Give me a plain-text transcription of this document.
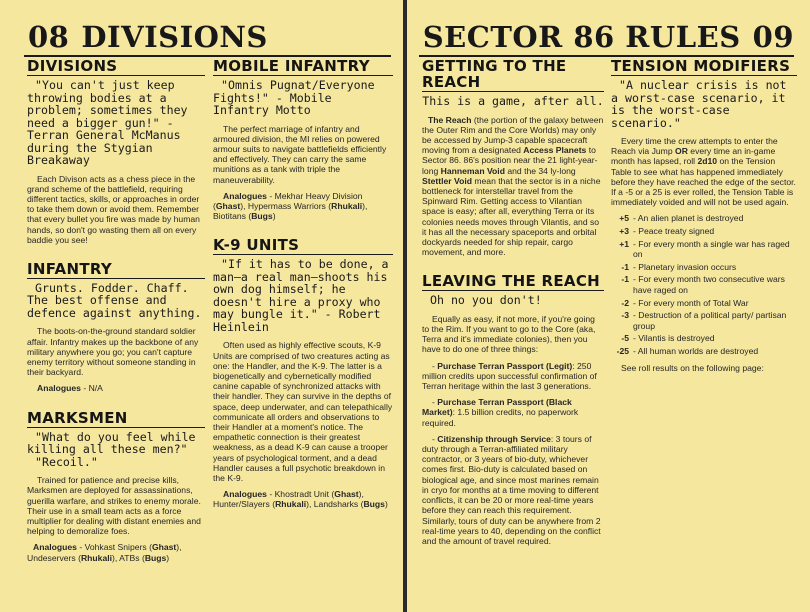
08 DIVISIONS
DIVISIONS
"You can't just keep throwing bodies at a problem; sometimes they need a bigger gun!" - Terran General McManus during the Stygian Breakaway

Each Divison acts as a chess piece in the grand scheme of the battlefield, requiring different tactics, skills, or approaches in order to take them down or avoid them. Remember that every bullet you fire was made by human hands, so don't go wasting them all on every baddie you see!

INFANTRY
Grunts. Fodder. Chaff. The best offense and defence against anything.

The boots-on-the-ground standard soldier affair. Infantry makes up the backbone of any military anywhere you go; you can't capture enemy territory without someone standing in their backyard.

Analogues - N/A

MARKSMEN
"What do you feel while killing all these men?"
"Recoil."

Trained for patience and precise kills, Marksmen are deployed for assassinations, guerilla warfare, and strikes to enemy morale. Their use in a small team acts as a force multiplier for dealing with distant enemies and helping to demoralize foes.

Analogues - Vohkast Snipers (Ghast), Undeservers (Rhukali), ATBs (Bugs)

MOBILE INFANTRY
"Omnis Pugnat/Everyone Fights!" - Mobile Infantry Motto

The perfect marriage of infantry and armoured division, the MI relies on powered armour suits to navigate battlefields efficiently and effectively. They can carry the same munitions as a tank with triple the maneuverability.

Analogues - Mekhar Heavy Division (Ghast), Hypermass Warriors (Rhukali), Biotitans (Bugs)

K-9 UNITS
"If it has to be done, a man—a real man—shoots his own dog himself; he doesn't hire a proxy who may bungle it." - Robert Heinlein

Often used as highly effective scouts, K-9 Units are comprised of two creatures acting as one: the Handler, and the K-9. The latter is a biogenetically and cybernetically modified canine capable of synchronized attacks with their handler. They can survive in the depths of space, deep underwater, and can telepathically communicate all orders and observations to their Handler at a moment's notice. The empathetic connection is their greatest weakness, as a dead K-9 can cause a trooper years of psychological torment, and a dead Handler causes a full psychotic breakdown in the K-9.

Analogues - Khostradt Unit (Ghast), Hunter/Slayers (Rhukali), Landsharks (Bugs)

SECTOR 86 RULES 09
GETTING TO THE REACH
This is a game, after all.

The Reach (the portion of the galaxy between the Outer Rim and the Core Worlds) may only be accessed by Jump-3 capable spacecraft moving from a designated Access Planets to Sector 86. 86's position near the 21 light-year-long Hanneman Void and the 34 ly-long Stettler Void mean that the sector is in a niche bottleneck for interstellar travel from the Spinward Rim. Getting access to Vilantian space is easy; after all, everything Terra or its colonies needs moves through Vilantis, and so it has all the necessary spaceports and orbital dockyards needed for ship repair, cargo movement, and more.

LEAVING THE REACH
Oh no you don't!

Equally as easy, if not more, if you're going to the Rim. If you want to go to the Core (aka, Terra and it's immediate colonies), then you have to do one of three things:

- Purchase Terran Passport (Legit): 250 million credits upon successful confirmation of Terran heritage within the last 3 generations.

- Purchase Terran Passport (Black Market): 1.5 billion credits, no paperwork required.

- Citizenship through Service: 3 tours of duty through a Terran-affiliated military contractor, or 3 years of bio-duty, whichever comes first. Bio-duty is calculated based on biological age, and since most marines remain in cryo for months at a time moving to different conflicts, it can be 20 or more real-time years before they can reach this requirement. Similarly, tours of duty can be anywhere from 2 real-time years to 40, depending on the conflict and the amount of travel required.

TENSION MODIFIERS
"A nuclear crisis is not a worst-case scenario, it is the worst-case scenario."

Every time the crew attempts to enter the Reach via Jump OR every time an in-game month has lapsed, roll 2d10 on the Tension Table to see what has happened immediately before they have reached the edge of the sector. If a -5 or a 25 is ever rolled, the Tension Table is immediately voided and will not be used again.

+5 - An alien planet is destroyed
+3 - Peace treaty signed
+1 - For every month a single war has raged on
-1 - Planetary invasion occurs
-1 - For every month two consecutive wars have raged on
-2 - For every month of Total War
-3 - Destruction of a political party/ partisan group
-5 - Vilantis is destroyed
-25 - All human worlds are destroyed

See roll results on the following page:
